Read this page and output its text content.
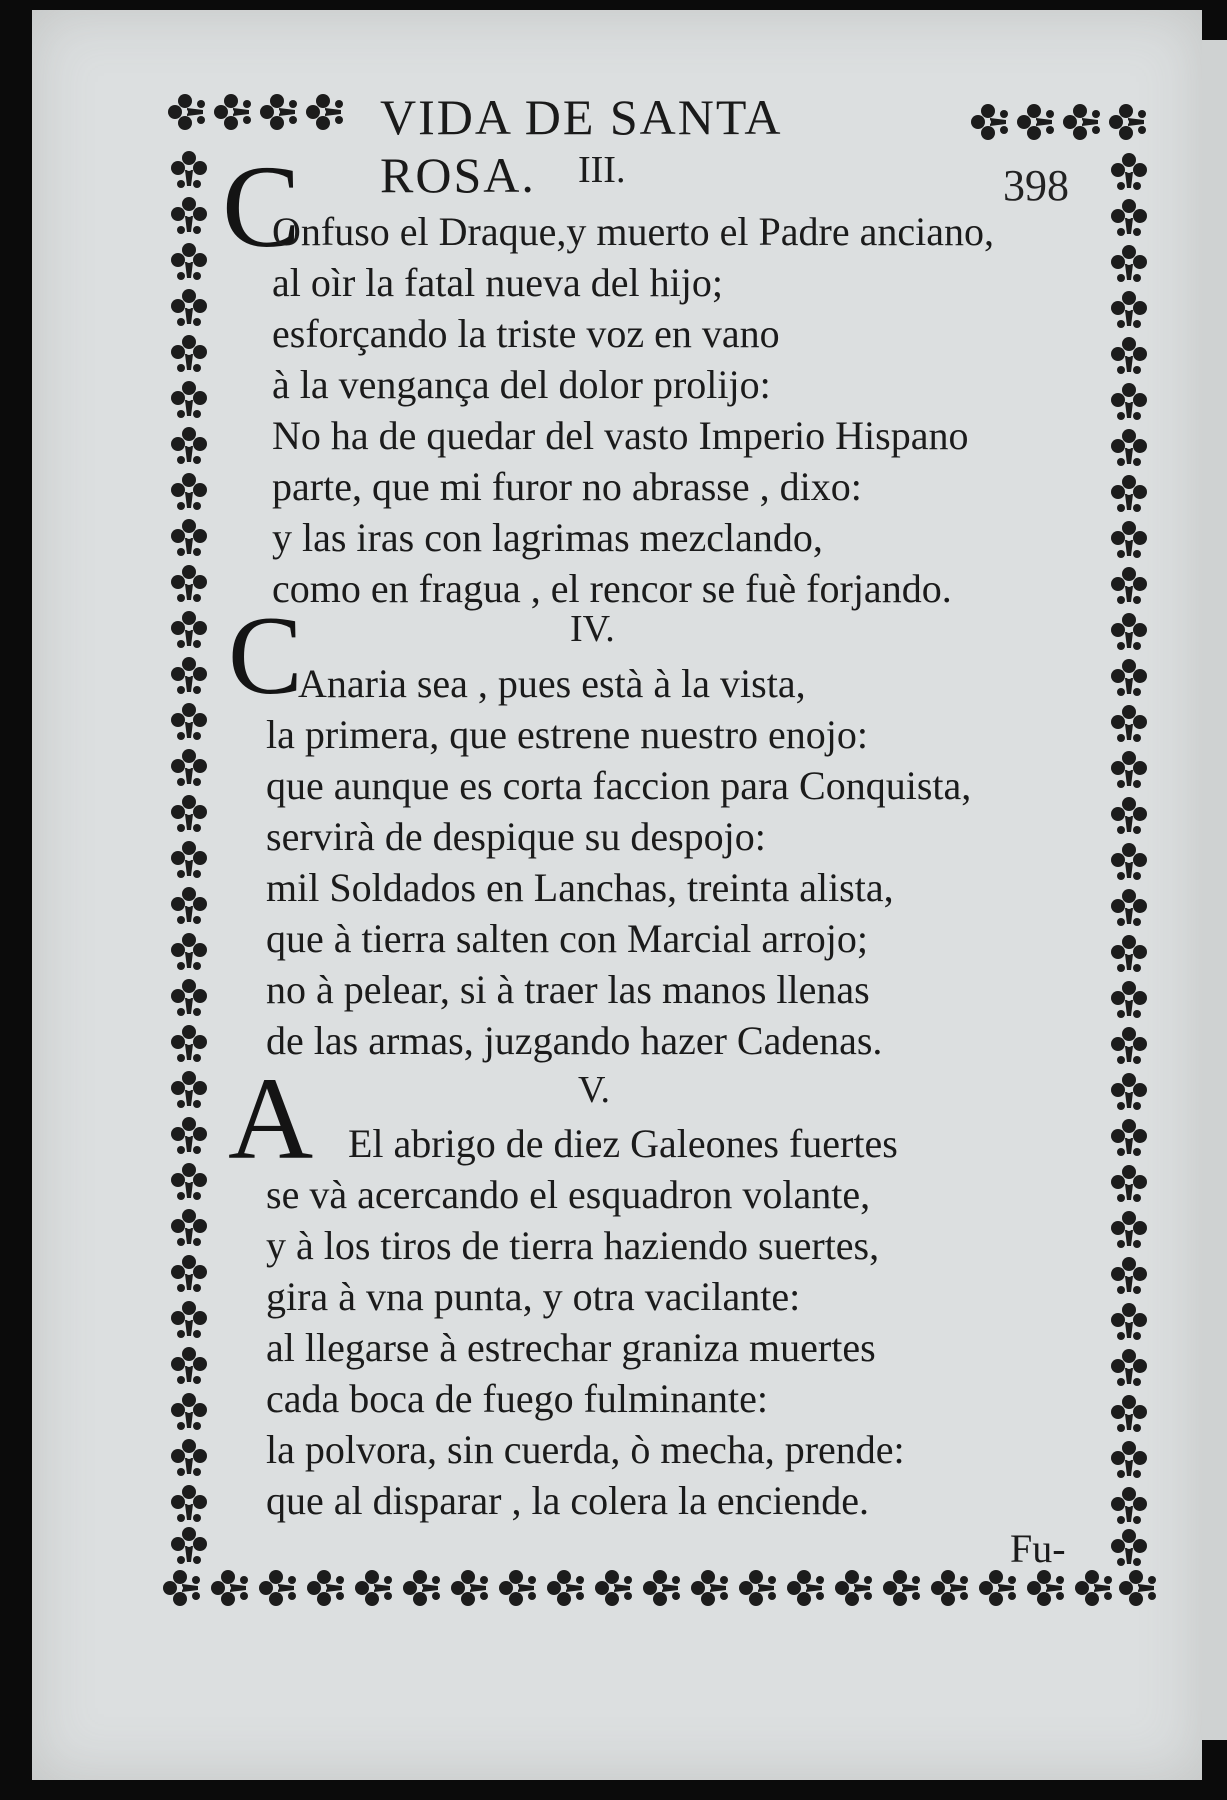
VIDA DE SANTA ROSA.	398
III.
C
Onfuso el Draque,y muerto el Padre anciano,
al oìr la fatal nueva del hijo;
esforçando la triste voz en vano
à la vengança del dolor prolijo:
No ha de quedar del vasto Imperio Hispano
parte, que mi furor no abrasse , dixo:
y las iras con lagrimas mezclando,
como en fragua , el rencor se fuè forjando.
IV.
C
Anaria sea , pues està à la vista,
la primera, que estrene nuestro enojo:
que aunque es corta faccion para Conquista,
servirà de despique su despojo:
mil Soldados en Lanchas, treinta alista,
que à tierra salten con Marcial arrojo;
no à pelear, si à traer las manos llenas
de las armas, juzgando hazer Cadenas.
V.
A El abrigo de diez Galeones fuertes
se và acercando el esquadron volante,
y à los tiros de tierra haziendo suertes,
gira à vna punta, y otra vacilante:
al llegarse à estrechar graniza muertes
cada boca de fuego fulminante:
la polvora, sin cuerda, ò mecha, prende:
que al disparar , la colera la enciende.
Fu-
